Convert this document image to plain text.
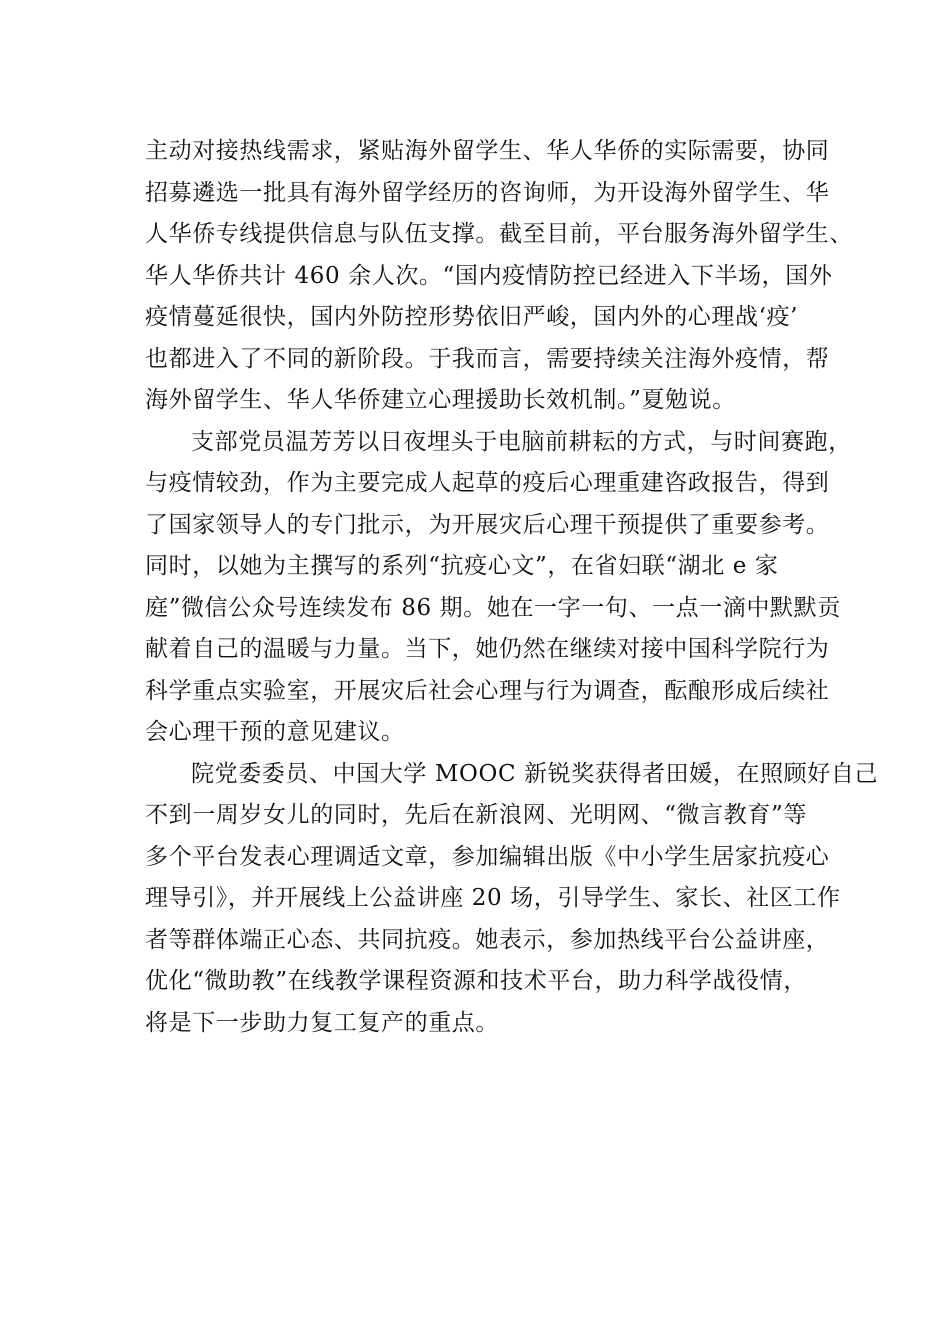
主动对接热线需求，紧贴海外留学生、华人华侨的实际需要，协同
招募遴选一批具有海外留学经历的咨询师，为开设海外留学生、华
人华侨专线提供信息与队伍支撑。截至目前，平台服务海外留学生、
华人华侨共计 460 余人次。“国内疫情防控已经进入下半场，国外
疫情蔓延很快，国内外防控形势依旧严峻，国内外的心理战‘疫’
也都进入了不同的新阶段。于我而言，需要持续关注海外疫情，帮
海外留学生、华人华侨建立心理援助长效机制。”夏勉说。
支部党员温芳芳以日夜埋头于电脑前耕耘的方式，与时间赛跑，
与疫情较劲，作为主要完成人起草的疫后心理重建咨政报告，得到
了国家领导人的专门批示，为开展灾后心理干预提供了重要参考。
同时，以她为主撰写的系列“抗疫心文”，在省妇联“湖北 e 家
庭”微信公众号连续发布 86 期。她在一字一句、一点一滴中默默贡
献着自己的温暖与力量。当下，她仍然在继续对接中国科学院行为
科学重点实验室，开展灾后社会心理与行为调查，酝酿形成后续社
会心理干预的意见建议。
院党委委员、中国大学 MOOC 新锐奖获得者田媛，在照顾好自己
不到一周岁女儿的同时，先后在新浪网、光明网、“微言教育”等
多个平台发表心理调适文章，参加编辑出版《中小学生居家抗疫心
理导引》，并开展线上公益讲座 20 场，引导学生、家长、社区工作
者等群体端正心态、共同抗疫。她表示，参加热线平台公益讲座，
优化“微助教”在线教学课程资源和技术平台，助力科学战役情，
将是下一步助力复工复产的重点。
